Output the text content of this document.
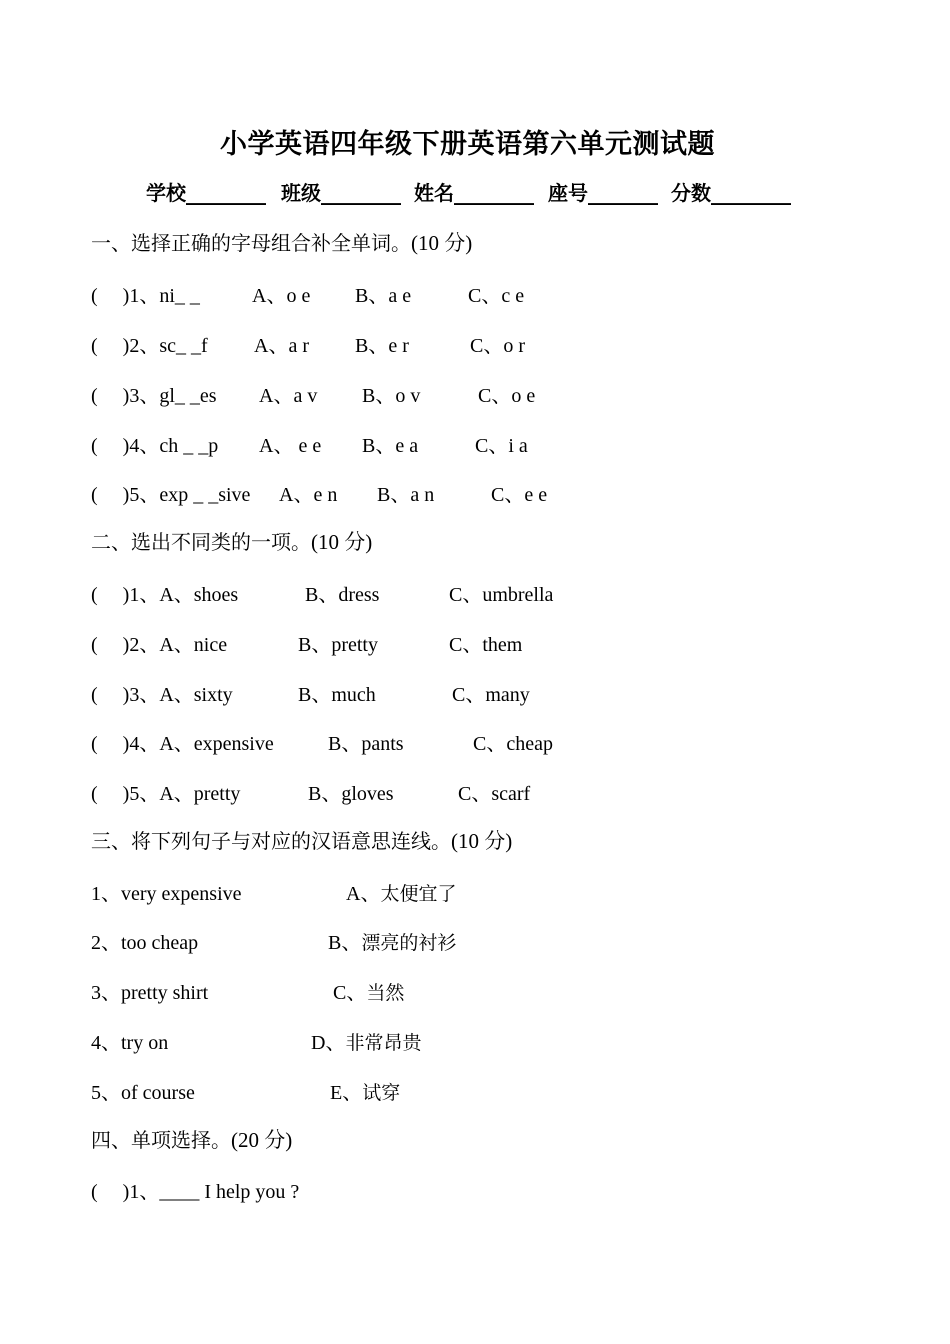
小学英语四年级下册英语第六单元测试题
学校________ 班级________ 姓名________ 座号_______ 分数________
一、选择正确的字母组合补全单词。(10 分)
(     )1、ni_ _	A、o e B、a e	C、c e
(     )2、sc_ _f A、a r B、e r	C、o r
(     )3、gl_ _es A、a v B、o v	C、o e
(     )4、ch _ _p A、 e e B、e a	C、i a
(     )5、exp _ _sive A、e n B、a n	C、e e
二、选出不同类的一项。(10 分)
(     )1、A、shoes	B、dress	C、umbrella
(     )2、A、nice	B、pretty	C、them
(     )3、A、sixty	B、much	C、many
(     )4、A、expensive	B、pants	C、cheap
(     )5、A、pretty	B、gloves	C、scarf
三、将下列句子与对应的汉语意思连线。(10 分)
1、very expensive	A、太便宜了
2、too cheap	B、漂亮的衬衫
3、pretty shirt	C、当然
4、try on	D、非常昂贵
5、of course	E、试穿
四、单项选择。(20 分)
(     )1、____ I help you ?
